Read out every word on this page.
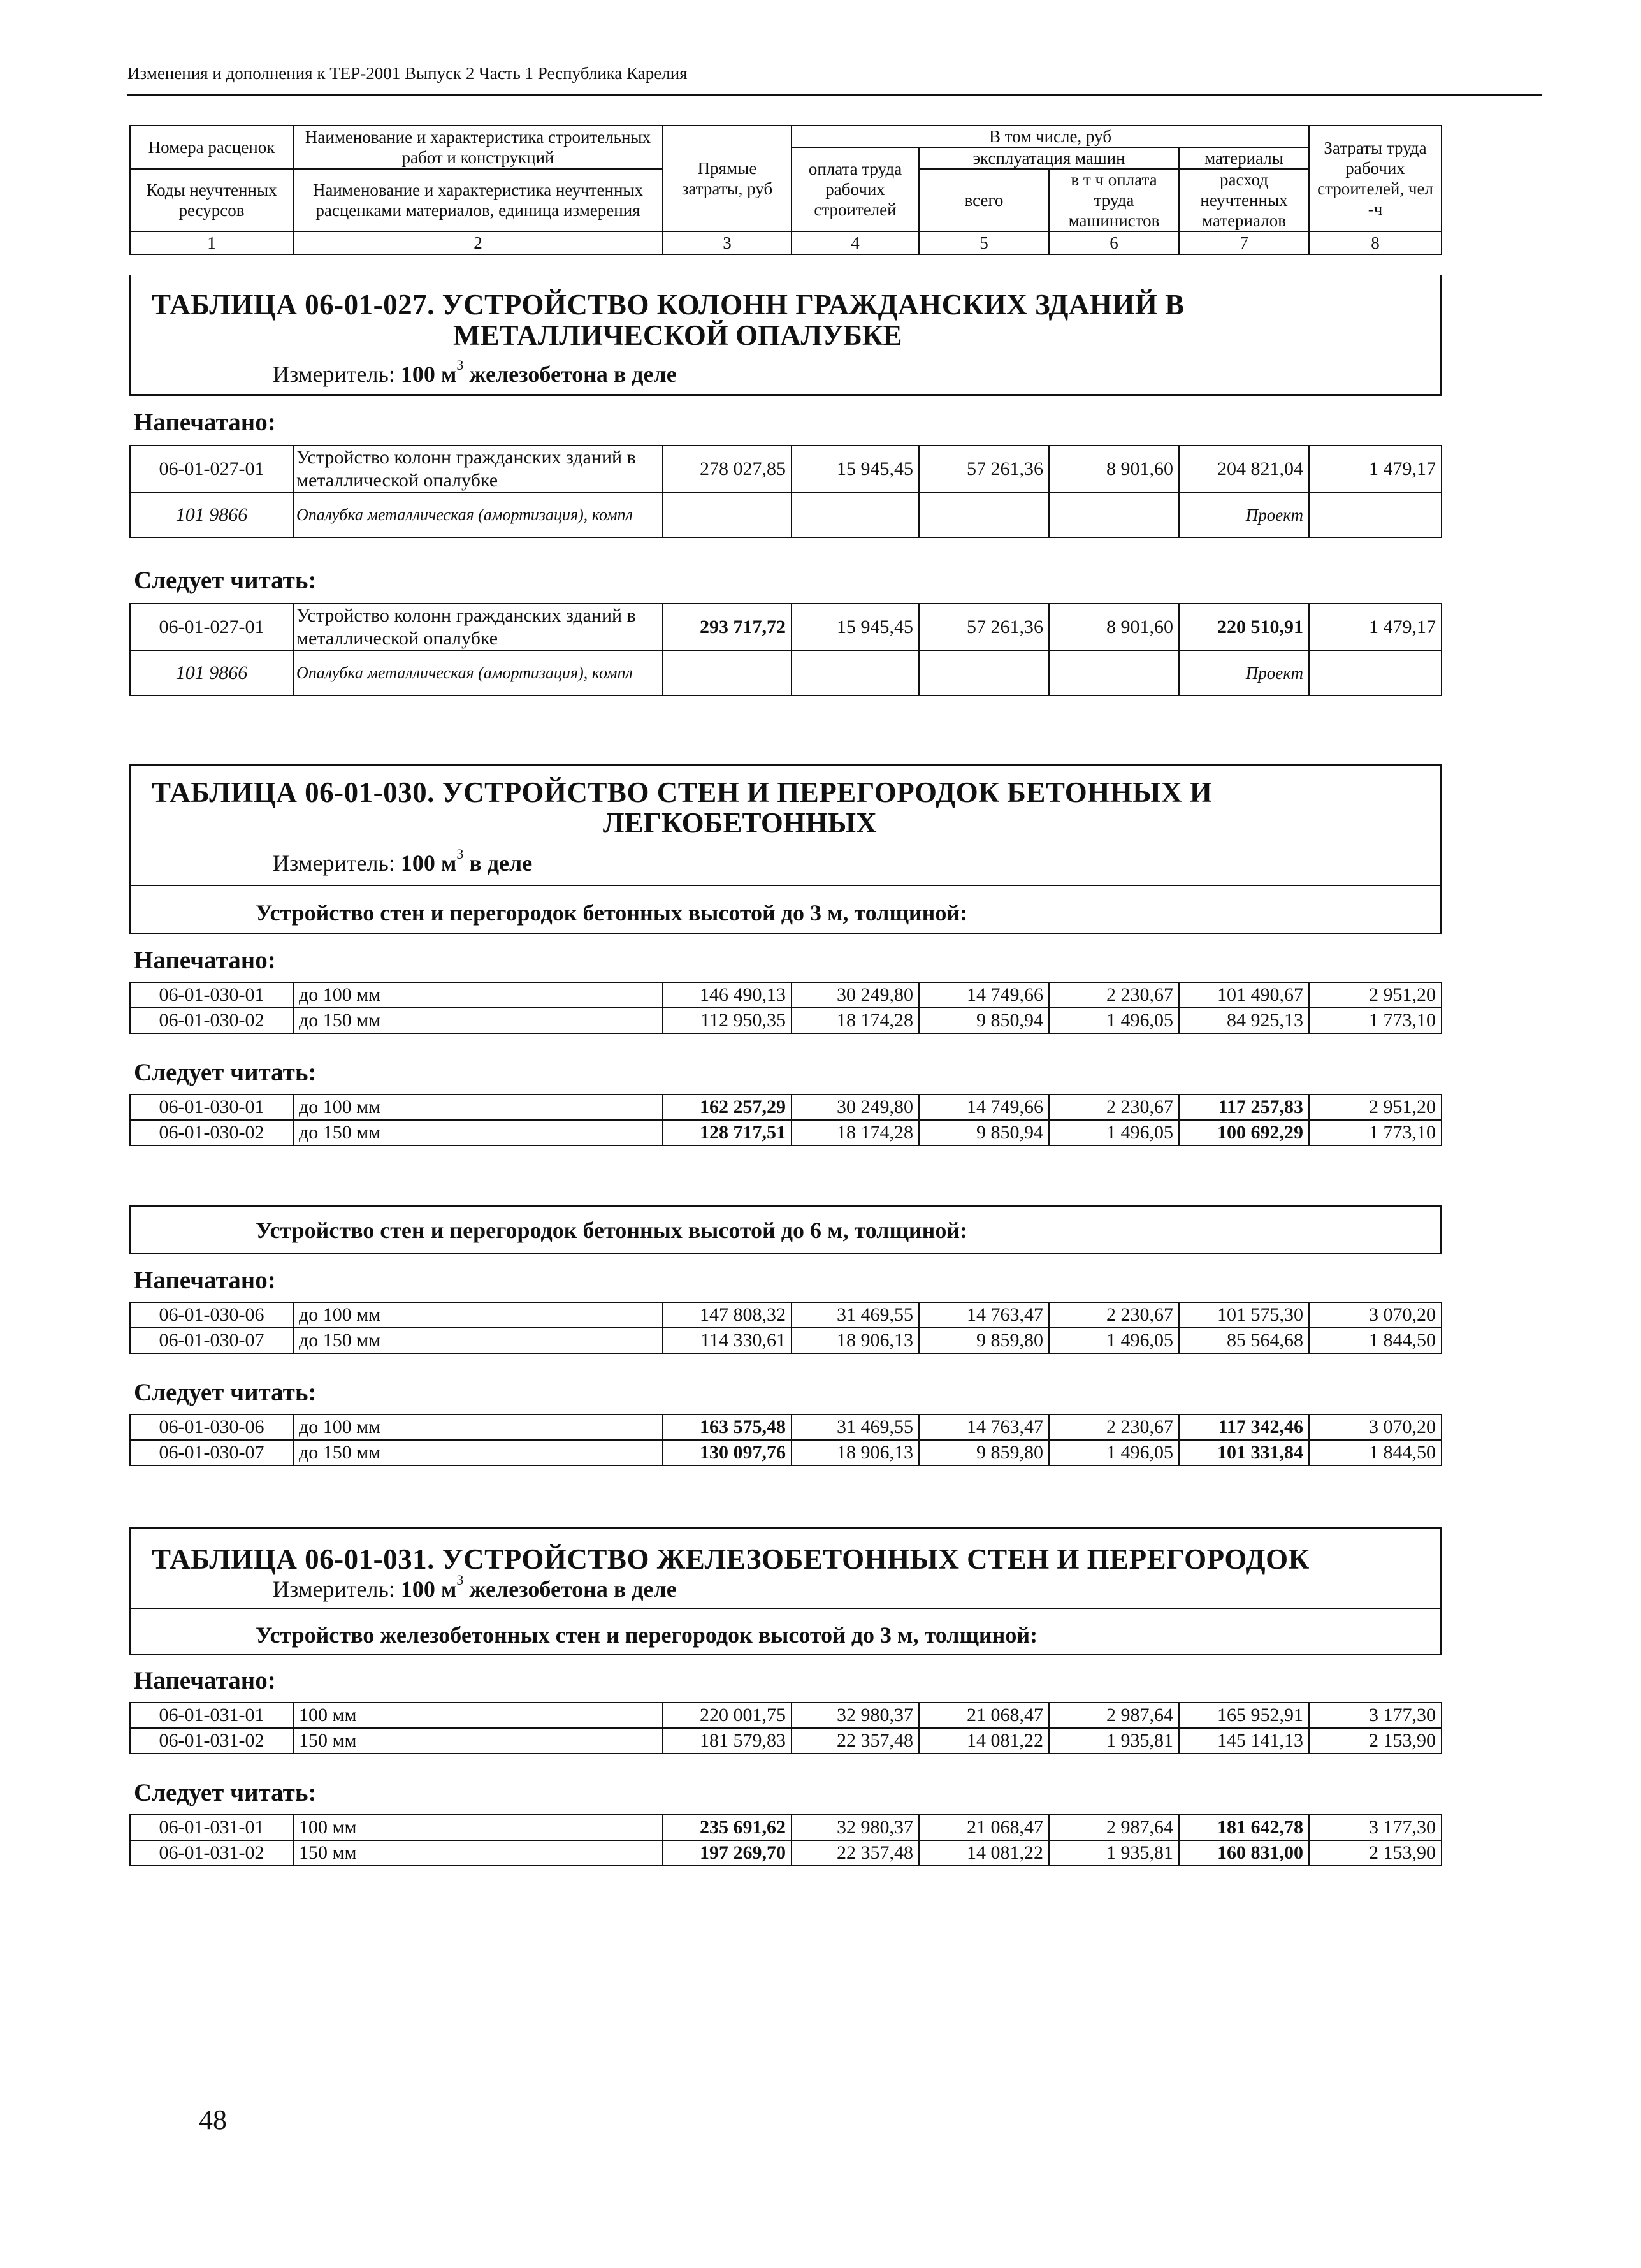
Изменения и дополнения к ТЕР-2001 Выпуск 2 Часть 1 Республика Карелия
Номера расценок	Наименование и характеристика строительных работ и конструкций	Прямые затраты, руб	В том числе, руб				Затраты труда рабочих строителей, чел -ч
			оплата труда рабочих строителей	эксплуатация машин		материалы	
Коды неучтенных ресурсов	Наименование и характеристика неучтенных расценками материалов, единица измерения			всего	в т ч оплата труда машинистов	расход неучтенных материалов	

1	2	3	4	5	6	7	8
ТАБЛИЦА 06-01-027. УСТРОЙСТВО КОЛОНН ГРАЖДАНСКИХ ЗДАНИЙ В
МЕТАЛЛИЧЕСКОЙ ОПАЛУБКЕ
Измеритель: 100 $м^3$ железобетона в деле
Напечатано:
06-01-027-01	Устройство колонн гражданских зданий в металлической опалубке	278 027,85	15 945,45	57 261,36	8 901,60	204 821,04	1 479,17
101 9866	Опалубка металлическая (амортизация), компл					Проект	
Следует читать:
06-01-027-01	Устройство колонн гражданских зданий в металлической опалубке	293 717,72	15 945,45	57 261,36	8 901,60	220 510,91	1 479,17
101 9866	Опалубка металлическая (амортизация), компл					Проект	
ТАБЛИЦА 06-01-030. УСТРОЙСТВО СТЕН И ПЕРЕГОРОДОК БЕТОННЫХ И
ЛЕГКОБЕТОННЫХ
Измеритель: 100 $м^3$ в деле
Устройство стен и перегородок бетонных высотой до 3 м, толщиной:
Напечатано:
06-01-030-01	до 100 мм	146 490,13	30 249,80	14 749,66	2 230,67	101 490,67	2 951,20
06-01-030-02	до 150 мм	112 950,35	18 174,28	9 850,94	1 496,05	84 925,13	1 773,10
Следует читать:
06-01-030-01	до 100 мм	162 257,29	30 249,80	14 749,66	2 230,67	117 257,83	2 951,20
06-01-030-02	до 150 мм	128 717,51	18 174,28	9 850,94	1 496,05	100 692,29	1 773,10
Устройство стен и перегородок бетонных высотой до 6 м, толщиной:
Напечатано:
06-01-030-06	до 100 мм	147 808,32	31 469,55	14 763,47	2 230,67	101 575,30	3 070,20
06-01-030-07	до 150 мм	114 330,61	18 906,13	9 859,80	1 496,05	85 564,68	1 844,50
Следует читать:
06-01-030-06	до 100 мм	163 575,48	31 469,55	14 763,47	2 230,67	117 342,46	3 070,20
06-01-030-07	до 150 мм	130 097,76	18 906,13	9 859,80	1 496,05	101 331,84	1 844,50
ТАБЛИЦА 06-01-031. УСТРОЙСТВО ЖЕЛЕЗОБЕТОННЫХ СТЕН И ПЕРЕГОРОДОК
Измеритель: 100 $м^3$ железобетона в деле
Устройство железобетонных стен и перегородок высотой до 3 м, толщиной:
Напечатано:
06-01-031-01	100 мм	220 001,75	32 980,37	21 068,47	2 987,64	165 952,91	3 177,30
06-01-031-02	150 мм	181 579,83	22 357,48	14 081,22	1 935,81	145 141,13	2 153,90
Следует читать:
06-01-031-01	100 мм	235 691,62	32 980,37	21 068,47	2 987,64	181 642,78	3 177,30
06-01-031-02	150 мм	197 269,70	22 357,48	14 081,22	1 935,81	160 831,00	2 153,90
48
